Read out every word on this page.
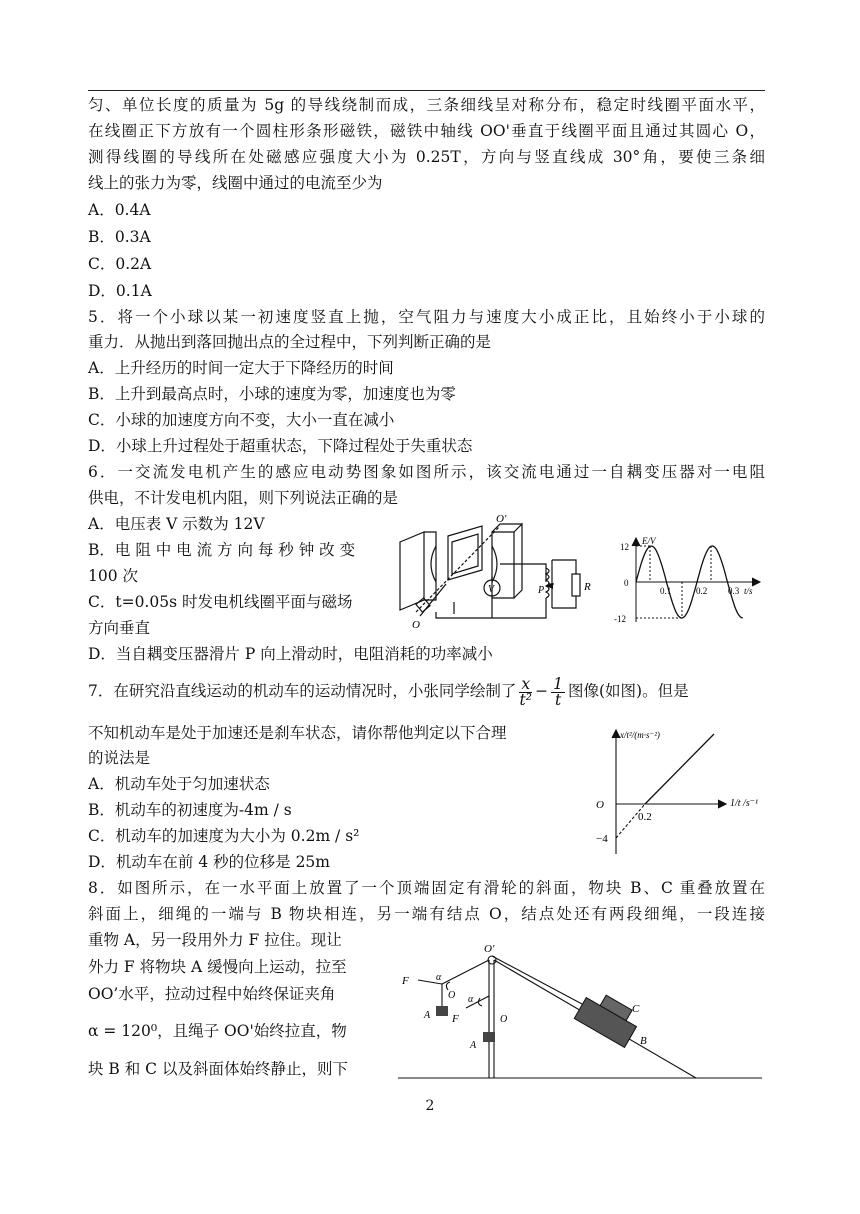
匀、单位长度的质量为 5g 的导线绕制而成，三条细线呈对称分布，稳定时线圈平面水平，
在线圈正下方放有一个圆柱形条形磁铁，磁铁中轴线 OO'垂直于线圈平面且通过其圆心 O，
测得线圈的导线所在处磁感应强度大小为 0.25T，方向与竖直线成 30°角，要使三条细
线上的张力为零，线圈中通过的电流至少为
A．0.4A
B．0.3A
C．0.2A
D．0.1A
5．将一个小球以某一初速度竖直上抛，空气阻力与速度大小成正比，且始终小于小球的
重力．从抛出到落回抛出点的全过程中，下列判断正确的是
A．上升经历的时间一定大于下降经历的时间
B．上升到最高点时，小球的速度为零，加速度也为零
C．小球的加速度方向不变，大小一直在减小
D．小球上升过程处于超重状态，下降过程处于失重状态
6．一交流发电机产生的感应电动势图象如图所示，该交流电通过一自耦变压器对一电阻
供电，不计发电机内阻，则下列说法正确的是
A．电压表 V 示数为 12V
B．电 阻 中 电 流 方 向 每 秒 钟 改 变
100 次
C．t=0.05s 时发电机线圈平面与磁场
方向垂直
D．当自耦变压器滑片 P 向上滑动时，电阻消耗的功率减小
O'
O
V	P	R
E/V
t/s
12
-12
0
0.1	0.2 0.3
7．在研究沿直线运动的机动车的运动情况时，小张同学绘制了 $\frac{x}{\text{t²}} - \frac{1}{t}$ 图像(如图)。但是
不知机动车是处于加速还是刹车状态，请你帮他判定以下合理
的说法是
A．机动车处于匀加速状态
B．机动车的初速度为-4m / s
C．机动车的加速度为大小为 0.2m / s²
D．机动车在前 4 秒的位移是 25m
x/t²/(m·s⁻²)
1/t /s⁻¹
O
0.2
−4
8．如图所示，在一水平面上放置了一个顶端固定有滑轮的斜面，物块 B、C 重叠放置在
斜面上，细绳的一端与 B 物块相连，另一端有结点 O，结点处还有两段细绳，一段连接
重物 A，另一段用外力 F 拉住。现让
外力 F 将物块 A 缓慢向上运动，拉至
OO’水平，拉动过程中始终保证夹角
α = 120⁰，且绳子 OO'始终拉直，物
块 B 和 C 以及斜面体始终静止，则下
O'
F	α
O
A F
α
O
A	B
C
2
